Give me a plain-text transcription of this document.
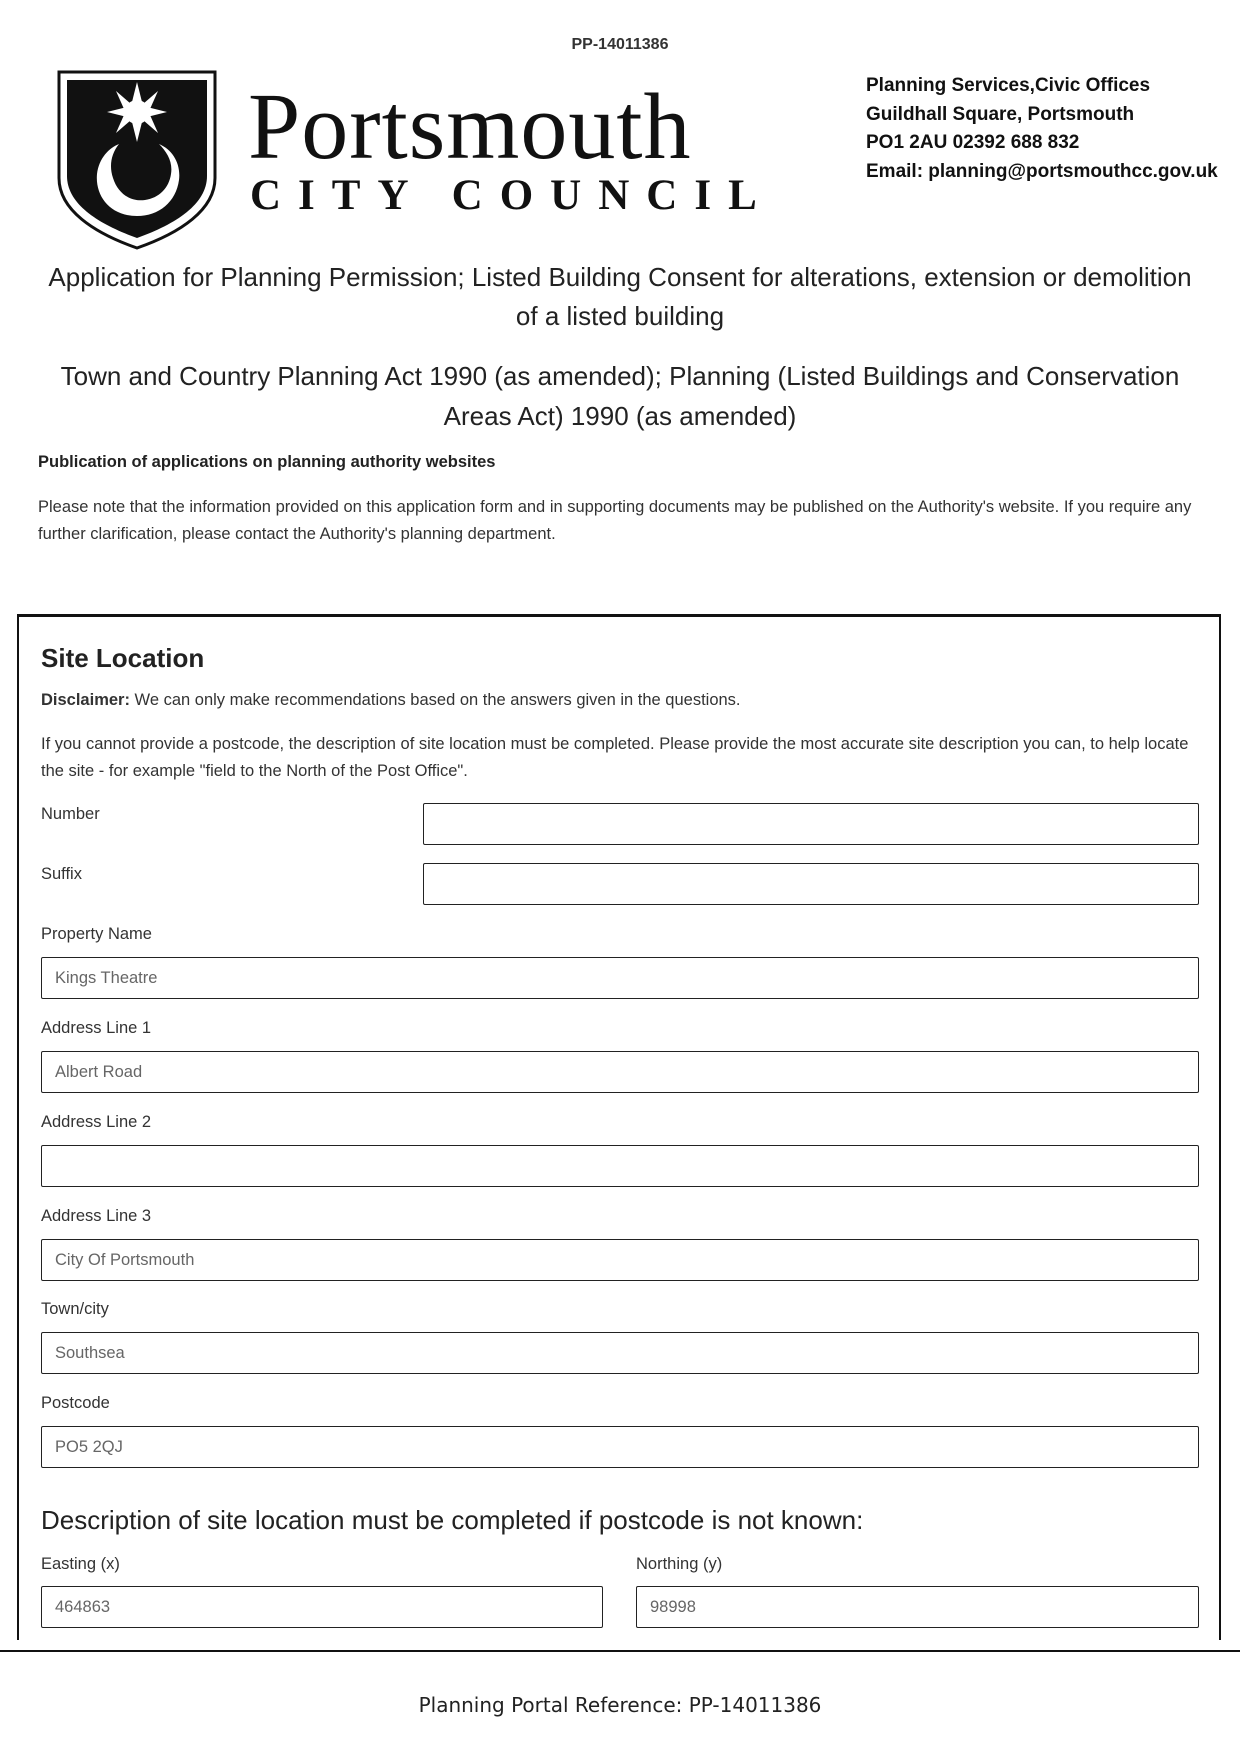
PP-14011386
Portsmouth
CITY COUNCIL
Planning Services,Civic Offices
Guildhall Square, Portsmouth
PO1 2AU 02392 688 832
Email: planning@portsmouthcc.gov.uk
Application for Planning Permission; Listed Building Consent for alterations, extension or demolition of a listed building
Town and Country Planning Act 1990 (as amended); Planning (Listed Buildings and Conservation Areas Act) 1990 (as amended)
Publication of applications on planning authority websites
Please note that the information provided on this application form and in supporting documents may be published on the Authority's website. If you require any further clarification, please contact the Authority's planning department.
Site Location
Disclaimer: We can only make recommendations based on the answers given in the questions.
If you cannot provide a postcode, the description of site location must be completed. Please provide the most accurate site description you can, to help locate the site - for example "field to the North of the Post Office".
Number
Suffix
Property Name
Kings Theatre
Address Line 1
Albert Road
Address Line 2
Address Line 3
City Of Portsmouth
Town/city
Southsea
Postcode
PO5 2QJ
Description of site location must be completed if postcode is not known:
Easting (x)
464863
Northing (y)
98998
Planning Portal Reference: PP-14011386
